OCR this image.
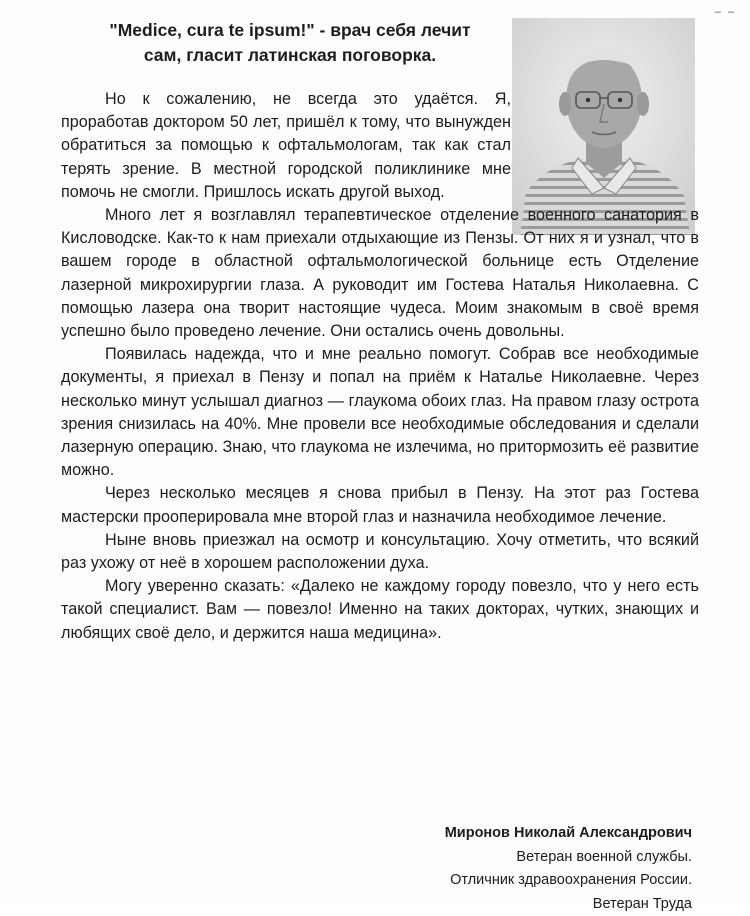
– –
"Medice, cura te ipsum!" - врач себя лечит
сам, гласит латинская поговорка.

Но к сожалению, не всегда это удаётся. Я, проработав доктором 50 лет, пришёл к тому, что вынужден обратиться за помощью к офтальмологам, так как стал терять зрение. В местной городской поликлинике мне помочь не смогли. Пришлось искать другой выход.

Много лет я возглавлял терапевтическое отделение военного санатория в Кисловодске. Как-то к нам приехали отдыхающие из Пензы. От них я и узнал, что в вашем городе в областной офтальмологической больнице есть Отделение лазерной микрохирургии глаза. А руководит им Гостева Наталья Николаевна. С помощью лазера она творит настоящие чудеса. Моим знакомым в своё время успешно было проведено лечение. Они остались очень довольны.

Появилась надежда, что и мне реально помогут. Собрав все необходимые документы, я приехал в Пензу и попал на приём к Наталье Николаевне. Через несколько минут услышал диагноз — глаукома обоих глаз. На правом глазу острота зрения снизилась на 40%. Мне провели все необходимые обследования и сделали лазерную операцию. Знаю, что глаукома не излечима, но притормозить её развитие можно.

Через несколько месяцев я снова прибыл в Пензу. На этот раз Гостева мастерски прооперировала мне второй глаз и назначила необходимое лечение.

Ныне вновь приезжал на осмотр и консультацию. Хочу отметить, что всякий раз ухожу от неё в хорошем расположении духа.

Могу уверенно сказать: «Далеко не каждому городу повезло, что у него есть такой специалист. Вам — повезло! Именно на таких докторах, чутких, знающих и любящих своё дело, и держится наша медицина».

Миронов Николай Александрович
Ветеран военной службы.
Отличник здравоохранения России.
Ветеран Труда
